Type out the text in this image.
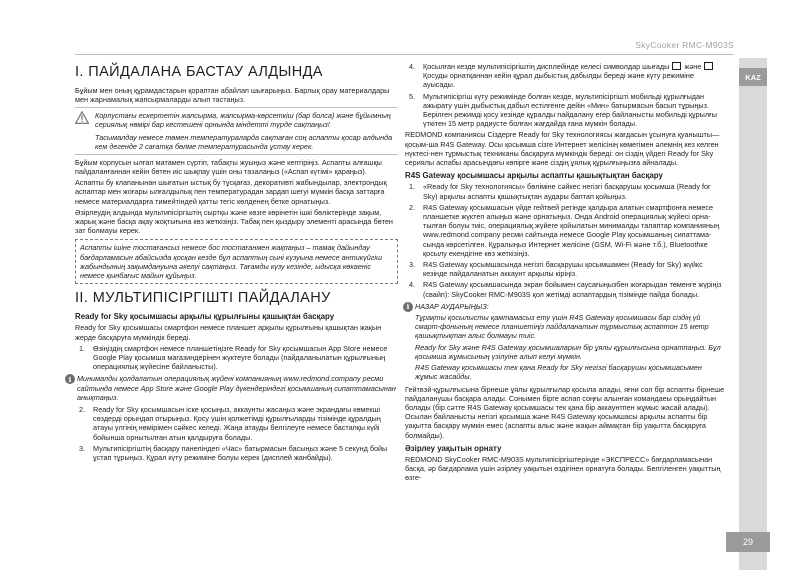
SkyCooker RMC-M903S
KAZ
29
I. ПАЙДАЛАНА БАСТАУ АЛДЫНДА

Бұйым мен оның құрамдастарын қораптан абайлап шығарыңыз. Барлық орау материалдары мен жарнамалық жапсырмаларды алып тастаңыз.

Корпустағы ескертетін жапсырма, жапсырма-көрсеткіш (бар болса) және бұйымның сериялық нөмірі бар кестешені орнында міндетті түрде сақтаңыз!

Тасымалдау немесе төмен температураларда сақтаған соң аспапты қосар алдында кем дегенде 2 сағатқа бөлме температурасында ұстау керек.

Бұйым корпусын ылғал матамен сүртіп, табақты жуыңыз және кептіріңіз. Аспапты алғашқы пайдаланғаннан кейін бөтен иіс шықпау үшін оны тазалаңыз («Аспап күтімі» қараңыз).

Аспапты бу клапанынан шығатын ыстық бу тұсқағаз, декоративті жабындылар, электрондық аспаптар мен жоғары ылғалдылық пен температурадан зардап шегуі мүмкін басқа заттарға немесе материалдарға тимейтіндей қатты тегіс көлденең бетке орнатыңыз.

Әзірлеудің алдында мультипісіргіштің сыртқы және көзге көрінетін ішкі бөліктерінде зақым, жарық және басқа ақау жоқтығына көз жеткізіңіз. Табақ пен қыздыру элементі арасында бөтен зат болмауы керек.

Аспапты ішіне тостағансыз немесе бос тостағанмен жақпаңыз – тамақ дайындау бағдарламасын абайсызда қосқан кезде бұл аспаптың сынi күзуына немесе антикүйгіш жабындының зақымдануына әкелуі сақтаңыз. Тағамды күзу кезінде, ыдысқа көкаеніс немесе қынбағыс майын құйыңыз.
II. МУЛЬТИПІСІРГІШТІ ПАЙДАЛАНУ
Ready for Sky қосымшасы арқылы құрылғыны қашықтан басқару

Ready for Sky қосымшасы смартфон немесе планшет арқылы құрылғыны қашықтан жақын жерде басқаруға мүмкіндік береді.

1. Өзіңіздің смартфон немесе планшетіңізге Ready for Sky қосымшасын App Store немесе Google Play қосымша магазиндерінен жүктеуге болады (пайдаланылатын құрылғының операциялық жүйесіне байланысты).
i Минималды қолдалатын операциялық жүйені компанияның www.redmond.company ресми сайтында немесе App Store және Google Play дүкендеріндегі қосымшаның сипаттамасынан анықтаңыз.

2. Ready for Sky қосымшасын іске қосыңыз, аккаунты жасаңыз және экрандағы көмекші сөздерді орындап отырыңыз. Қосу үшін қолжетімді құрылғыларды тізімінде құралдың атауы үлгінің нөмірімен сәйкес келеді. Жаңа атауды белгілеуге немесе бастапқы күйі бойынша орнытылған атын қалдыруға болады.
3. Мультипісіргіштің басқару панеліндегі «Час» батырмасын басыңыз және 5 секунд бойы ұстап тұрыңыз. Құрал күту режиміне болуы керек (дисплей жанбайды).
4. Қосылған кезде мультипісіргіштің дисплейінде келесі символдар шығады және  Қосуды орнатқаннан кейін құрал дыбыстық дабылды береді және күту режиміне ауысады.
5. Мультипісіргіш күту режимінде болған кезде, мультипісіргішті мобильді құрылғыдан ажырату үшін дыбыстық дабыл естілгенге дейін «Мин» батырмасын басып тұрыңыз. Берілген режимді қосу кезінде құралды пайдалану егер байланысты мобильді құрылғы үткітен 15 метр радиусте болған жағдайда ғана мүмкін болады.

REDMOND компаниясы Сіздерге Ready for Sky технологиясы жағдасын ұсынуға қуанышты—қосым-ша R4S Gateway. Осы қосымша сізге Интернет желісінің көмегімен әлемнің кез келген нүктесі-нен тұрмыстық техниканы басқаруға мүмкіндік береді: он сіздің үйдегі Ready for Sky сериялы аспабы арасындағы көпірге және сіздің ұялық құрылғыңызға айналады.

R4S Gateway қосымшасы арқылы аспапты қашықтықтан басқару
1. «Ready for Sky технологиясы» бөлімінe сәйкес негізгі басқарушы қосымша (Ready for Sky) арқылы аспапты қашықтықтан аудары баптап қойыңыз.
2. R4S Gateway қосымшасын үйде гейтвей ретінде қалдыра алатын смартфонға немесе планшетке жүктеп алыңыз және орнатыңыз. Онда Android операциялық жүйесі орна-тылған болуы тиіс, операциялық жүйеге қойылатын минималды талаптар компанияның www.redmond.company ресми сайтында немесе Google Play қосымшаның сипаттама-сында көрсетілген. Құралыңыз Интернет желісіне (GSM, Wi-Fi және т.б.), Bluetoothке қосылу екендігіне көз жеткізіңіз.
3. R4S Gateway қосымшасында негізгі басқарушы қосымшамен (Ready for Sky) жүйкс кезінде пайдаланатын аккаунт арқылы кіріңіз.
4. R4S Gateway қосымшасында экран бойымен саусағыңызбен жоғарыдан төменге жүріңіз (свайп): SkyCooker RMC-M903S қол жетімді аспаптардың тізімінде пайда болады.
i НАЗАР АУДАРЫҢЫЗ:

Тұрақты қосылысты қамтамасыз ету үшін R4S Gateway қосымшасы бар сіздің үй смарт-фонының немесе планшетіңіз пайдаланатын тұрмыстық аспаптон 15 метр қашықтықтан алыс болмауы тиіс.

Ready for Sky және R4S Gateway қосымшаларын бір ұялы құрылғысына орнатпаңыз. Бұл қосымша жұмысының үзілуіне алып келуі мүмкін.

R4S Gateway қосымшасы тек қана Ready for Sky негізгі басқарушы қосымшасымен жұмыс жасайды.

Гейтвэй-құрылғысына бірнеше ұялы құрылғылар қосыла алады, яғни сол бір аспапты бірнеше пайдаланушы басқара алады. Сонымен бірге аспап соңғы алынған командаеы орындайтын болады (бір сәтте R4S Gateway қосымшасы тек қана бір аккаунтпен жұмыс жасай алады). Осылан байланысты негізгі қосымша және R4S Gateway қосымшасы арқылы аспапты бір уақытта басқару мүмкін емес (аспапты алыс және жақын аймақтан бір уақытта басқаруға болмайды).

Әзірлеу уақытын орнату

REDMOND SkyCooker RMC-M903S мультипісіргіштерінде «ЭКСПРЕСС» бағдарламасынан басқа, әр бағдарлама үшін әзірлеу уақытын өздігінен орнатуға болады. Белгіленген уақыттың өзге-
